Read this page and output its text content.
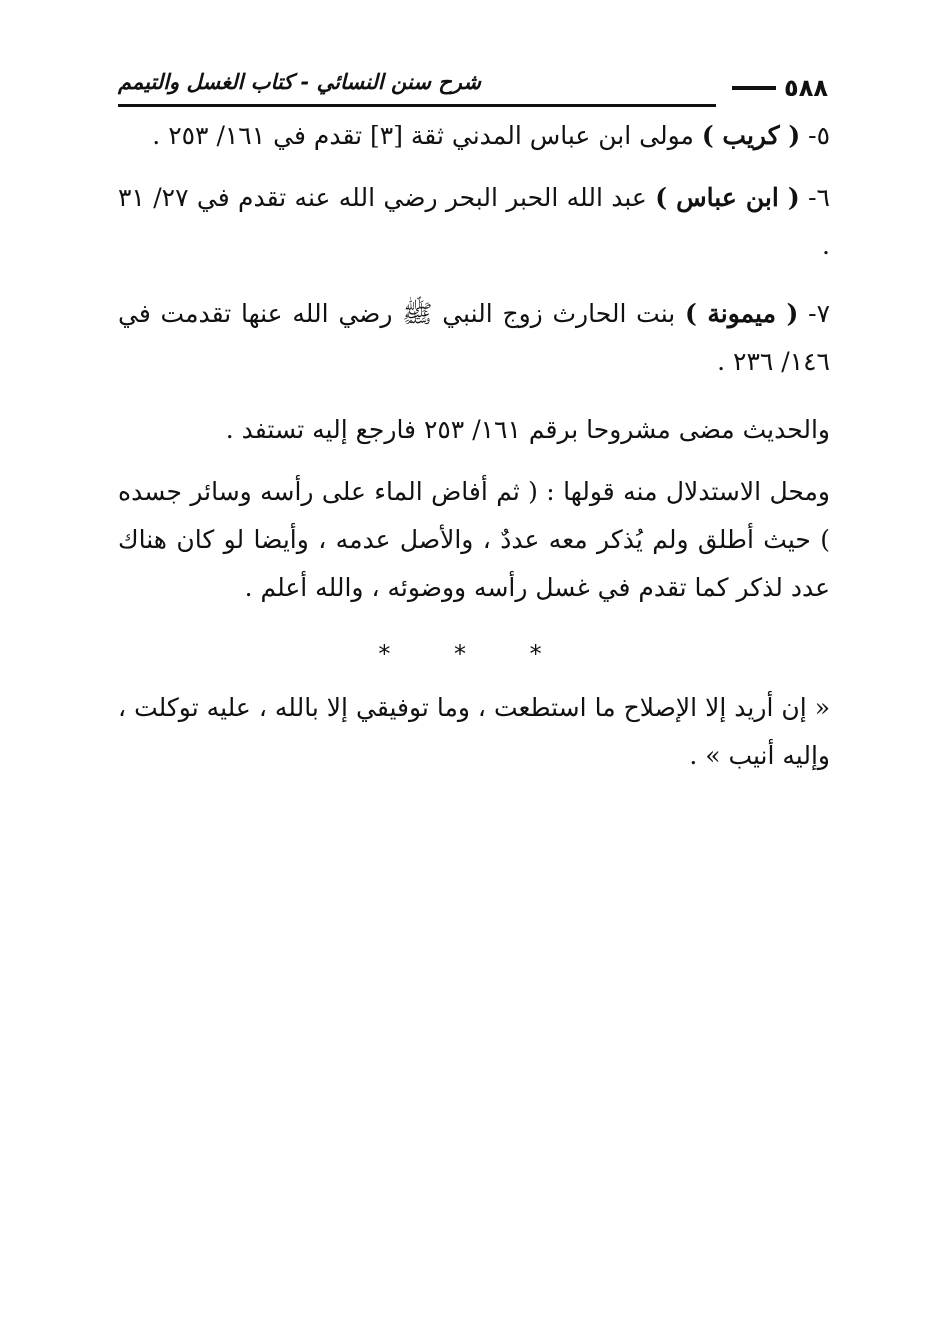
٥٨٨
شرح سنن النسائي - كتاب الغسل والتيمم

٥- ( كريب ) مولى ابن عباس المدني ثقة [٣] تقدم في ١٦١/ ٢٥٣ .

٦- ( ابن عباس ) عبد الله الحبر البحر رضي الله عنه تقدم في ٢٧/ ٣١ .

٧- ( ميمونة ) بنت الحارث زوج النبي ﷺ رضي الله عنها تقدمت في ١٤٦/ ٢٣٦ .

والحديث مضى مشروحا برقم ١٦١/ ٢٥٣ فارجع إليه تستفد .

ومحل الاستدلال منه قولها : ( ثم أفاض الماء على رأسه وسائر جسده ) حيث أطلق ولم يُذكر معه عددٌ ، والأصل عدمه ، وأيضا لو كان هناك عدد لذكر كما تقدم في غسل رأسه ووضوئه ، والله أعلم .

* * *

« إن أريد إلا الإصلاح ما استطعت ، وما توفيقي إلا بالله ، عليه توكلت ، وإليه أنيب » .
